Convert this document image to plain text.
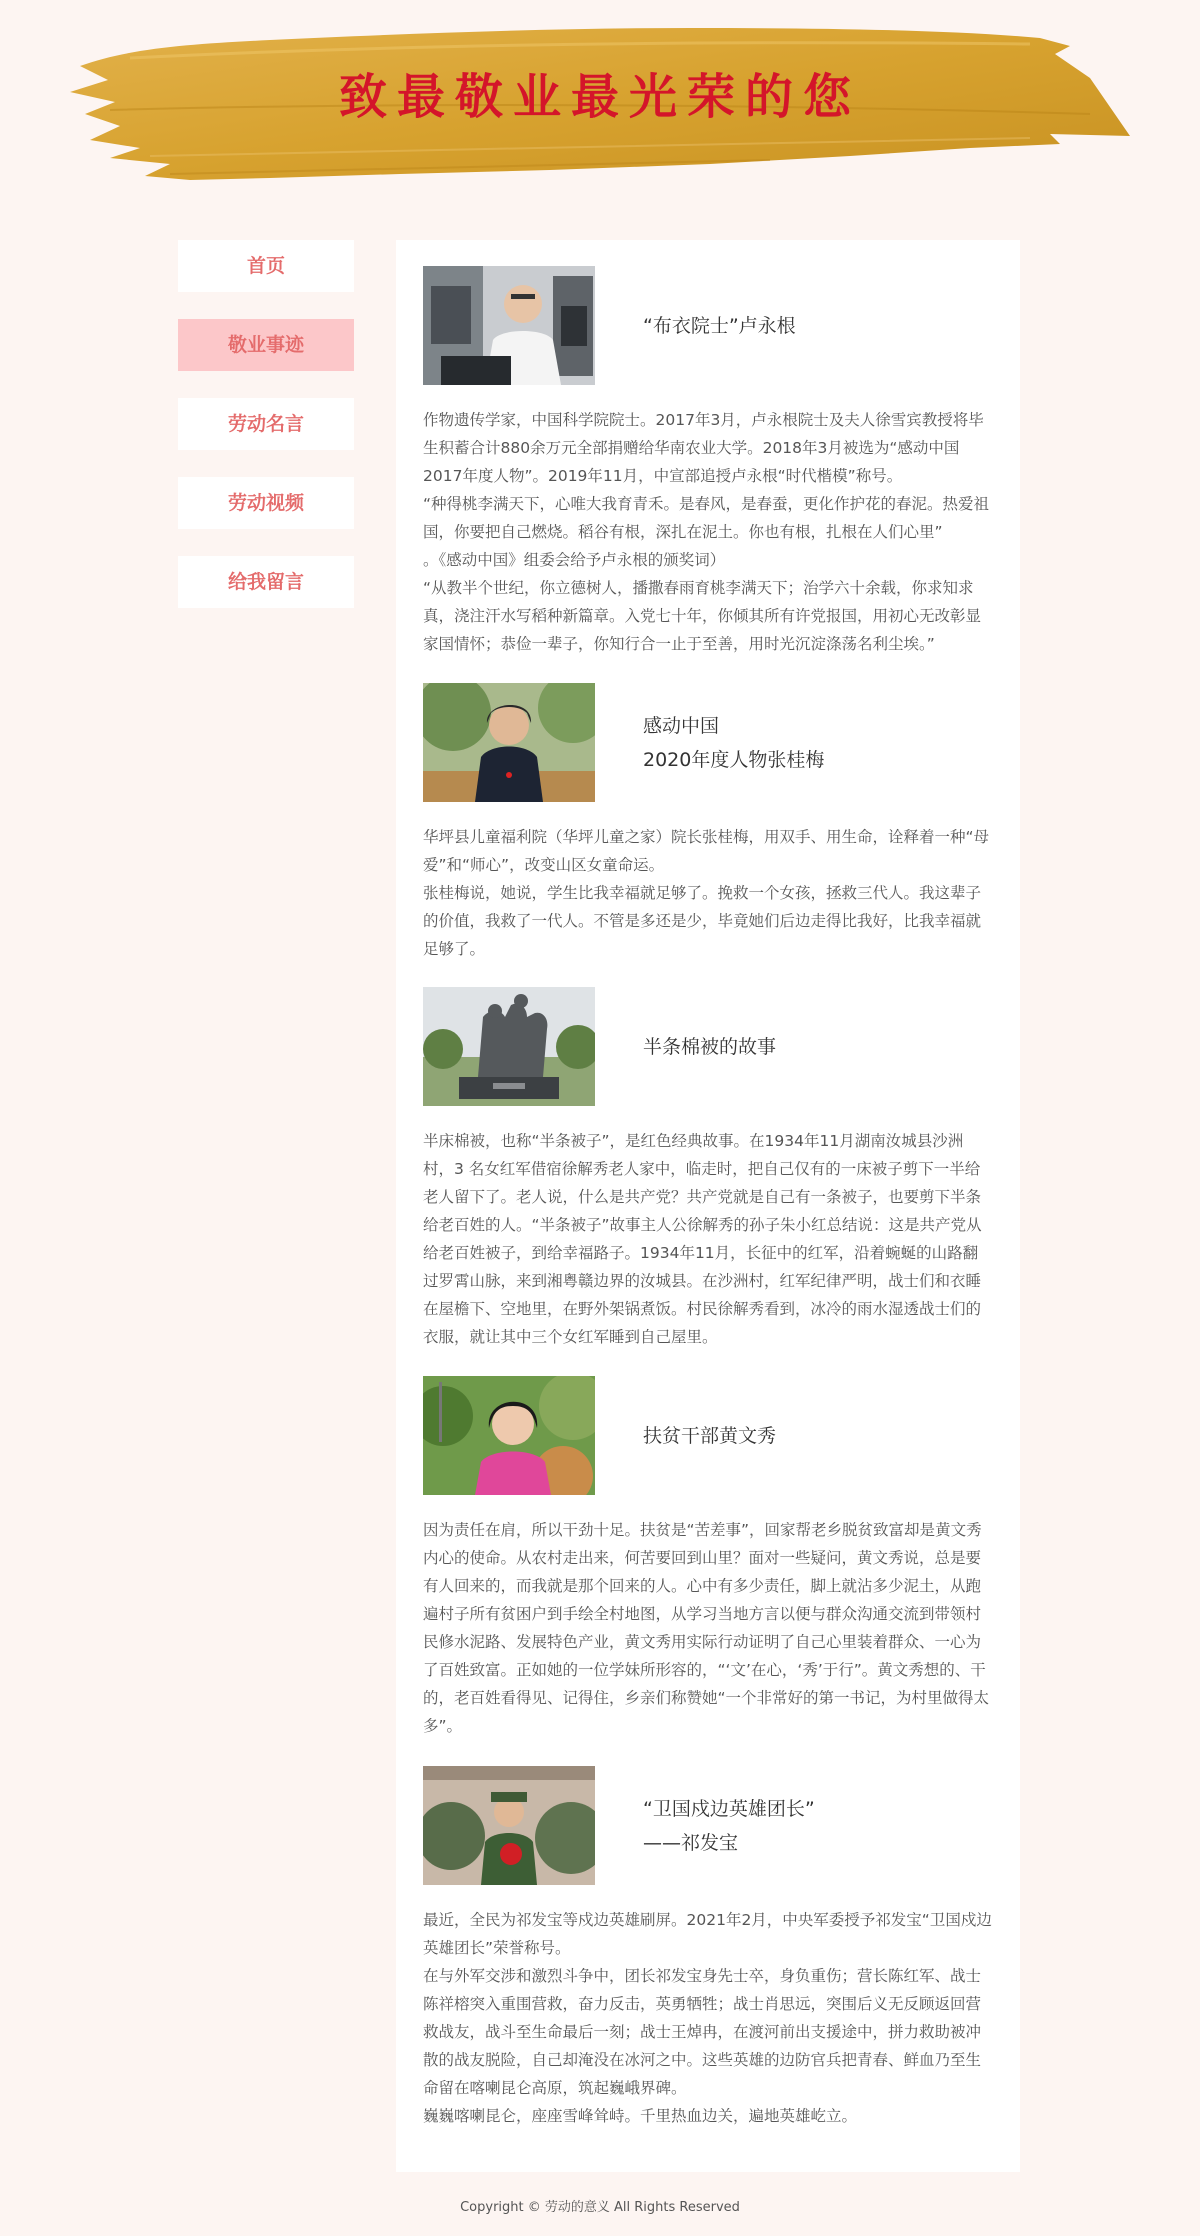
致最敬业最光荣的您
首页
敬业事迹
劳动名言
劳动视频
给我留言
“布衣院士”卢永根

作物遗传学家，中国科学院院士。2017年3月，卢永根院士及夫人徐雪宾教授将毕生积蓄合计880余万元全部捐赠给华南农业大学。2018年3月被选为“感动中国2017年度人物”。2019年11月，中宣部追授卢永根“时代楷模”称号。

“种得桃李满天下，心唯大我育青禾。是春风，是春蚕，更化作护花的春泥。热爱祖国，你要把自己燃烧。稻谷有根，深扎在泥土。你也有根，扎根在人们心里”

。《感动中国》组委会给予卢永根的颁奖词）

“从教半个世纪，你立德树人，播撒春雨育桃李满天下；治学六十余载，你求知求真，浇注汗水写稻种新篇章。入党七十年，你倾其所有许党报国，用初心无改彰显家国情怀；恭俭一辈子，你知行合一止于至善，用时光沉淀涤荡名利尘埃。”

感动中国
2020年度人物张桂梅

华坪县儿童福利院（华坪儿童之家）院长张桂梅，用双手、用生命，诠释着一种“母爱”和“师心”，改变山区女童命运。

张桂梅说，她说，学生比我幸福就足够了。挽救一个女孩，拯救三代人。我这辈子的价值，我救了一代人。不管是多还是少，毕竟她们后边走得比我好，比我幸福就足够了。

半条棉被的故事

半床棉被，也称“半条被子”，是红色经典故事。在1934年11月湖南汝城县沙洲村，3 名女红军借宿徐解秀老人家中，临走时，把自己仅有的一床被子剪下一半给老人留下了。老人说，什么是共产党？共产党就是自己有一条被子，也要剪下半条给老百姓的人。“半条被子”故事主人公徐解秀的孙子朱小红总结说：这是共产党从给老百姓被子，到给幸福路子。1934年11月，长征中的红军，沿着蜿蜒的山路翻过罗霄山脉，来到湘粤赣边界的汝城县。在沙洲村，红军纪律严明，战士们和衣睡在屋檐下、空地里，在野外架锅煮饭。村民徐解秀看到，冰冷的雨水湿透战士们的衣服，就让其中三个女红军睡到自己屋里。

扶贫干部黄文秀

因为责任在肩，所以干劲十足。扶贫是“苦差事”，回家帮老乡脱贫致富却是黄文秀内心的使命。从农村走出来，何苦要回到山里？面对一些疑问，黄文秀说，总是要有人回来的，而我就是那个回来的人。心中有多少责任，脚上就沾多少泥土，从跑遍村子所有贫困户到手绘全村地图，从学习当地方言以便与群众沟通交流到带领村民修水泥路、发展特色产业，黄文秀用实际行动证明了自己心里装着群众、一心为了百姓致富。正如她的一位学妹所形容的，“‘文’在心，‘秀’于行”。黄文秀想的、干的，老百姓看得见、记得住，乡亲们称赞她“一个非常好的第一书记，为村里做得太多”。

“卫国戍边英雄团长”
——祁发宝

最近，全民为祁发宝等戍边英雄刷屏。2021年2月，中央军委授予祁发宝“卫国戍边英雄团长”荣誉称号。

在与外军交涉和激烈斗争中，团长祁发宝身先士卒，身负重伤；营长陈红军、战士陈祥榕突入重围营救，奋力反击，英勇牺牲；战士肖思远，突围后义无反顾返回营救战友，战斗至生命最后一刻；战士王焯冉，在渡河前出支援途中，拼力救助被冲散的战友脱险，自己却淹没在冰河之中。这些英雄的边防官兵把青春、鲜血乃至生命留在喀喇昆仑高原，筑起巍峨界碑。

巍巍喀喇昆仑，座座雪峰耸峙。千里热血边关，遍地英雄屹立。

Copyright © 劳动的意义 All Rights Reserved
